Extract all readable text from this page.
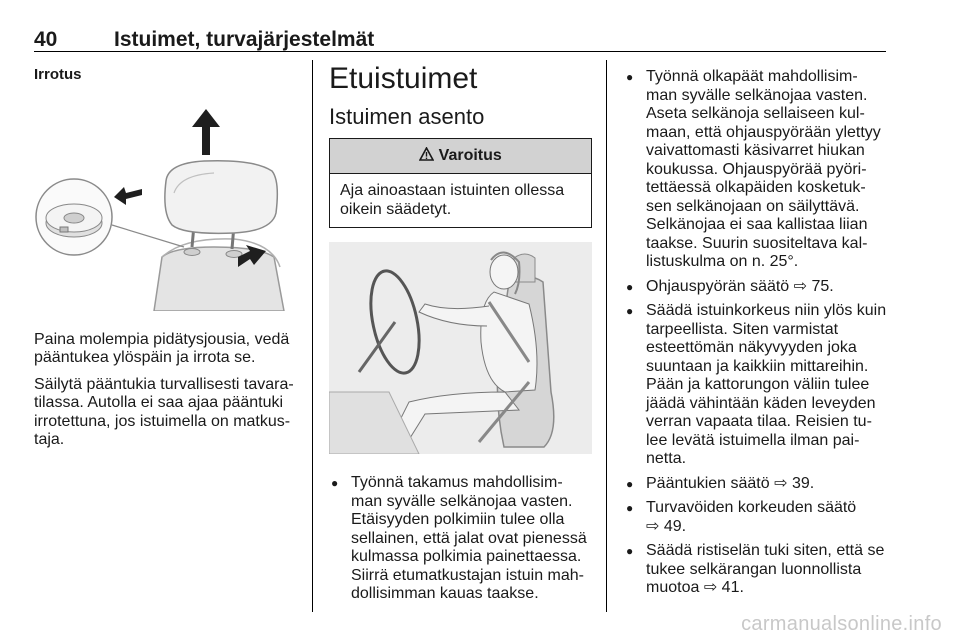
40	Istuimet, turvajärjestelmät
Irrotus

Paina molempia pidätysjousia, vedä pääntukea ylöspäin ja irrota se.

Säilytä pääntukia turvallisesti tavara-tilassa. Autolla ei saa ajaa pääntuki irrotettuna, jos istuimella on matkus-taja.

Etuistuimet
Istuimen asento
Varoitus
Aja ainoastaan istuinten ollessa oikein säädetyt.
● Työnnä takamus mahdollisim-man syvälle selkänojaa vasten. Etäisyyden polkimiin tulee olla sellainen, että jalat ovat pienessä kulmassa polkimia painettaessa. Siirrä etumatkustajan istuin mah-dollisimman kauas taakse.
● Työnnä olkapäät mahdollisim-man syvälle selkänojaa vasten. Aseta selkänoja sellaiseen kul-maan, että ohjauspyörään ylettyy vaivattomasti käsivarret hiukan koukussa. Ohjauspyörää pyöri-tettäessä olkapäiden kosketuk-sen selkänojaan on säilyttävä. Selkänojaa ei saa kallistaa liian taakse. Suurin suositeltava kal-listuskulma on n. 25°.
● Ohjauspyörän säätö ⇨ 75.
● Säädä istuinkorkeus niin ylös kuin tarpeellista. Siten varmistat esteettömän näkyvyyden joka suuntaan ja kaikkiin mittareihin. Pään ja kattorungon väliin tulee jäädä vähintään käden leveyden verran vapaata tilaa. Reisien tu-lee levätä istuimella ilman pai-netta.
● Pääntukien säätö ⇨ 39.
● Turvavöiden korkeuden säätö
⇨ 49.
● Säädä ristiselän tuki siten, että se tukee selkärangan luonnollista muotoa ⇨ 41.
carmanualsonline.info
